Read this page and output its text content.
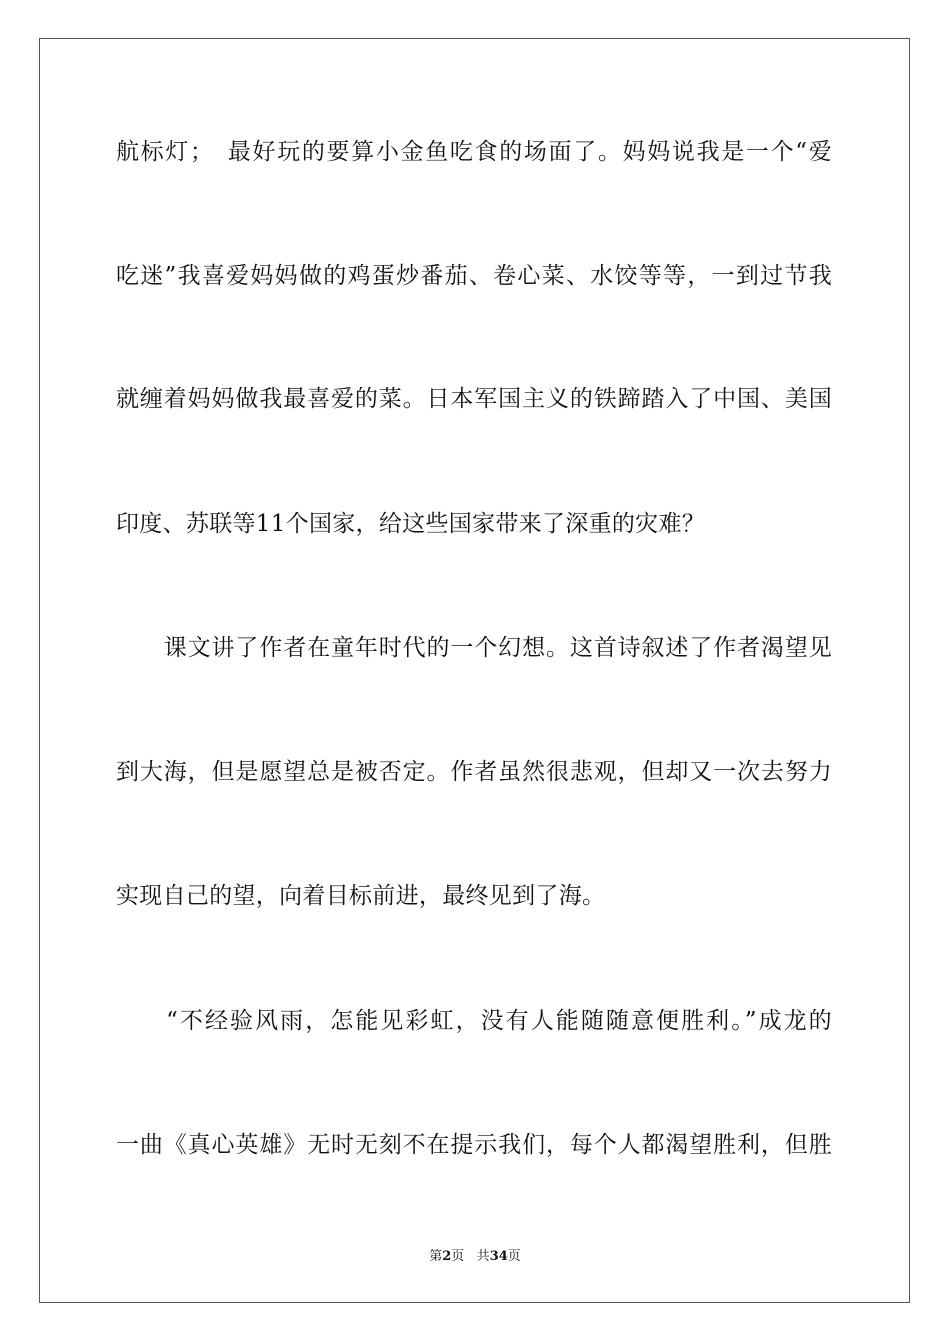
航标灯；　最好玩的要算小金鱼吃食的场面了。妈妈说我是一个“爱
吃迷”我喜爱妈妈做的鸡蛋炒番茄、卷心菜、水饺等等，一到过节我
就缠着妈妈做我最喜爱的菜。日本军国主义的铁蹄踏入了中国、美国
印度、苏联等11个国家，给这些国家带来了深重的灾难？
　　课文讲了作者在童年时代的一个幻想。这首诗叙述了作者渴望见
到大海，但是愿望总是被否定。作者虽然很悲观，但却又一次去努力
实现自己的望，向着目标前进，最终见到了海。
　　“不经验风雨，怎能见彩虹，没有人能随随意便胜利。”成龙的
一曲《真心英雄》无时无刻不在提示我们，每个人都渴望胜利，但胜
第2页 共34页
